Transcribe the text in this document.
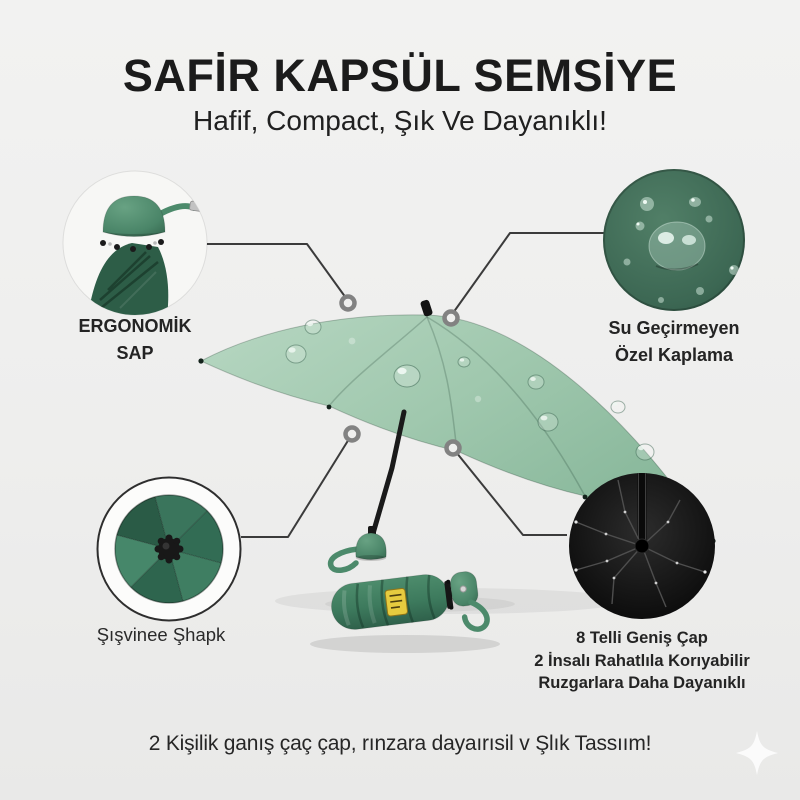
SAFİR KAPSÜL SEMSİYE

Hafif, Compact, Şık Ve Dayanıklı!

ERGONOMİK
SAP
Su Geçirmeyen
Özel Kaplama
Şışvinee Şhapk	8 Telli Geniş Çap
2 İnsalı Rahatlıla Korıyabilir
Ruzgarlara Daha Dayanıklı
2 Kişilik ganış çaç çap, rınzara dayaırısil v Şlık Tassıım!
